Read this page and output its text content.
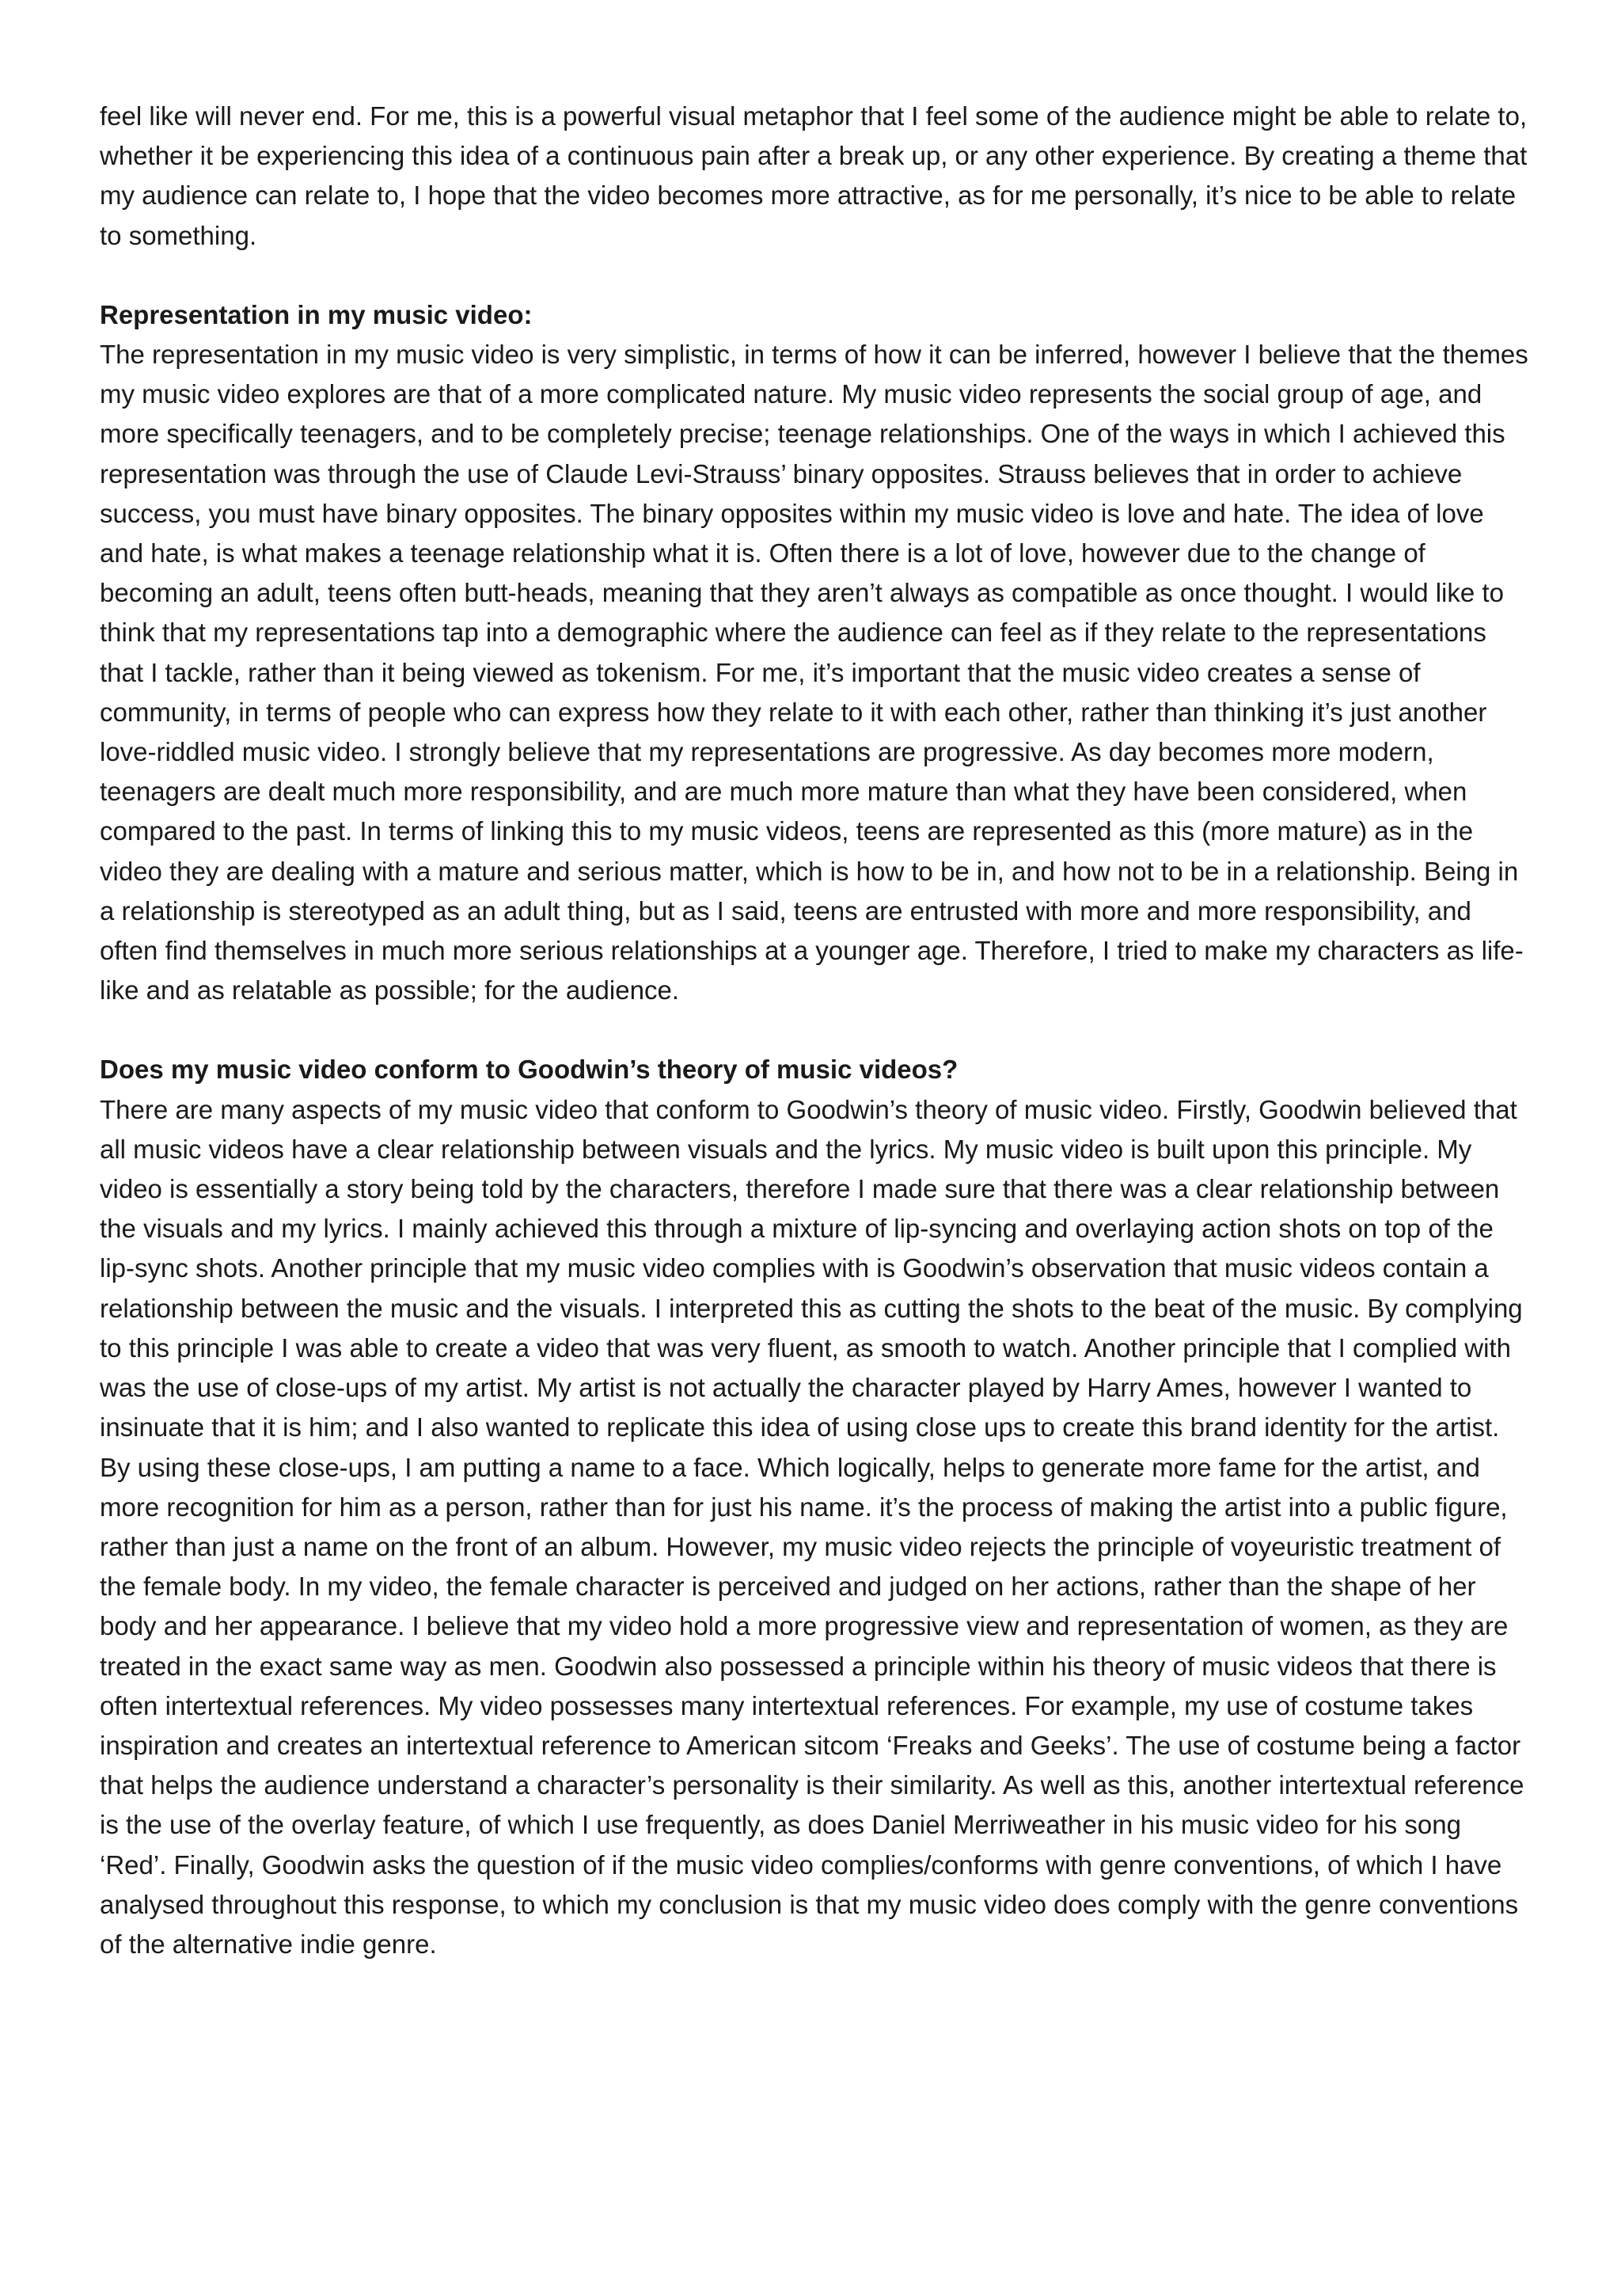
feel like will never end. For me, this is a powerful visual metaphor that I feel some of the audience might be able to relate to, whether it be experiencing this idea of a continuous pain after a break up, or any other experience. By creating a theme that my audience can relate to, I hope that the video becomes more attractive, as for me personally, it’s nice to be able to relate to something.

Representation in my music video:

The representation in my music video is very simplistic, in terms of how it can be inferred, however I believe that the themes my music video explores are that of a more complicated nature. My music video represents the social group of age, and more specifically teenagers, and to be completely precise; teenage relationships. One of the ways in which I achieved this representation was through the use of Claude Levi-Strauss’ binary opposites. Strauss believes that in order to achieve success, you must have binary opposites. The binary opposites within my music video is love and hate. The idea of love and hate, is what makes a teenage relationship what it is. Often there is a lot of love, however due to the change of becoming an adult, teens often butt-heads, meaning that they aren’t always as compatible as once thought. I would like to think that my representations tap into a demographic where the audience can feel as if they relate to the representations that I tackle, rather than it being viewed as tokenism. For me, it’s important that the music video creates a sense of community, in terms of people who can express how they relate to it with each other, rather than thinking it’s just another love-riddled music video. I strongly believe that my representations are progressive. As day becomes more modern, teenagers are dealt much more responsibility, and are much more mature than what they have been considered, when compared to the past. In terms of linking this to my music videos, teens are represented as this (more mature) as in the video they are dealing with a mature and serious matter, which is how to be in, and how not to be in a relationship. Being in a relationship is stereotyped as an adult thing, but as I said, teens are entrusted with more and more responsibility, and often find themselves in much more serious relationships at a younger age. Therefore, I tried to make my characters as life-like and as relatable as possible; for the audience.

Does my music video conform to Goodwin’s theory of music videos?

There are many aspects of my music video that conform to Goodwin’s theory of music video. Firstly, Goodwin believed that all music videos have a clear relationship between visuals and the lyrics. My music video is built upon this principle. My video is essentially a story being told by the characters, therefore I made sure that there was a clear relationship between the visuals and my lyrics. I mainly achieved this through a mixture of lip-syncing and overlaying action shots on top of the lip-sync shots. Another principle that my music video complies with is Goodwin’s observation that music videos contain a relationship between the music and the visuals. I interpreted this as cutting the shots to the beat of the music. By complying to this principle I was able to create a video that was very fluent, as smooth to watch. Another principle that I complied with was the use of close-ups of my artist. My artist is not actually the character played by Harry Ames, however I wanted to insinuate that it is him; and I also wanted to replicate this idea of using close ups to create this brand identity for the artist. By using these close-ups, I am putting a name to a face. Which logically, helps to generate more fame for the artist, and more recognition for him as a person, rather than for just his name. it’s the process of making the artist into a public figure, rather than just a name on the front of an album. However, my music video rejects the principle of voyeuristic treatment of the female body. In my video, the female character is perceived and judged on her actions, rather than the shape of her body and her appearance. I believe that my video hold a more progressive view and representation of women, as they are treated in the exact same way as men. Goodwin also possessed a principle within his theory of music videos that there is often intertextual references. My video possesses many intertextual references. For example, my use of costume takes inspiration and creates an intertextual reference to American sitcom ‘Freaks and Geeks’. The use of costume being a factor that helps the audience understand a character’s personality is their similarity. As well as this, another intertextual reference is the use of the overlay feature, of which I use frequently, as does Daniel Merriweather in his music video for his song ‘Red’. Finally, Goodwin asks the question of if the music video complies/conforms with genre conventions, of which I have analysed throughout this response, to which my conclusion is that my music video does comply with the genre conventions of the alternative indie genre.
